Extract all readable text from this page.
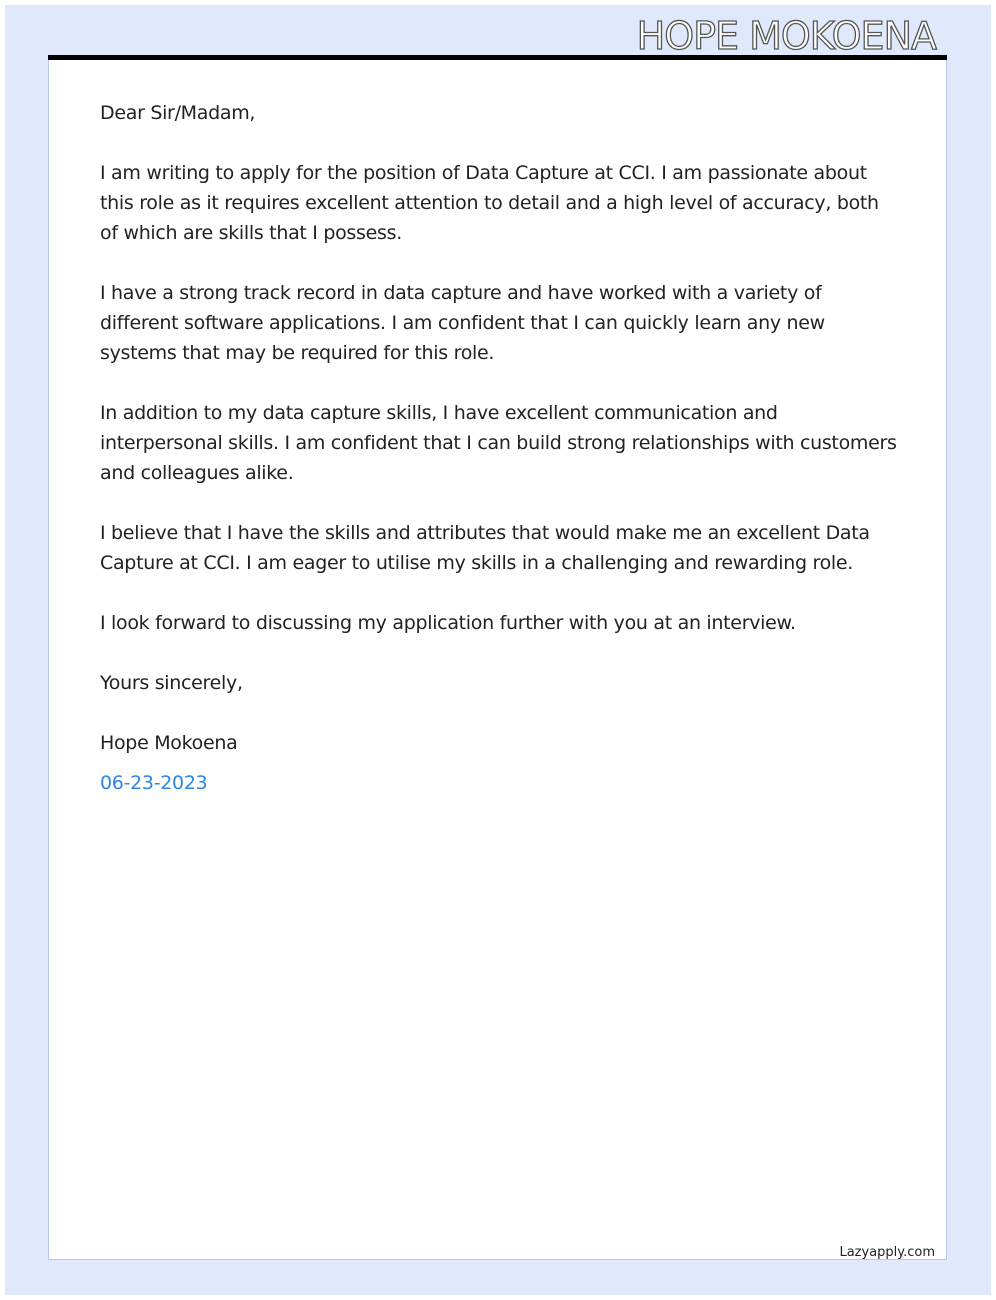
HOPE MOKOENA

Dear Sir/Madam,

I am writing to apply for the position of Data Capture at CCI. I am passionate about this role as it requires excellent attention to detail and a high level of accuracy, both of which are skills that I possess.

I have a strong track record in data capture and have worked with a variety of different software applications. I am confident that I can quickly learn any new systems that may be required for this role.

In addition to my data capture skills, I have excellent communication and interpersonal skills. I am confident that I can build strong relationships with customers and colleagues alike.

I believe that I have the skills and attributes that would make me an excellent Data Capture at CCI. I am eager to utilise my skills in a challenging and rewarding role.

I look forward to discussing my application further with you at an interview.

Yours sincerely,

Hope Mokoena

06-23-2023

Lazyapply.com
